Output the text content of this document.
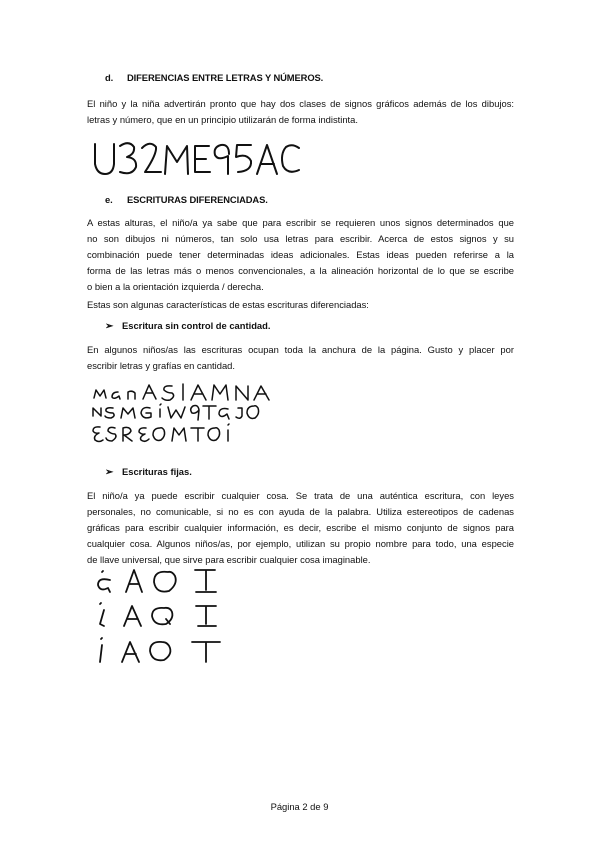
d. DIFERENCIAS ENTRE LETRAS Y NÚMEROS.
El niño y la niña advertirán pronto que hay dos clases de signos gráficos además de los dibujos:
letras y número, que en un principio utilizarán de forma indistinta.
e. ESCRITURAS DIFERENCIADAS.
A estas alturas, el niño/a ya sabe que para escribir se requieren unos signos determinados que
no son dibujos ni números, tan solo usa letras para escribir. Acerca de estos signos y su
combinación puede tener determinadas ideas adicionales. Estas ideas pueden referirse a la
forma de las letras más o menos convencionales, a la alineación horizontal de lo que se escribe
o bien a la orientación izquierda / derecha.
Estas son algunas características de estas escrituras diferenciadas:
➢ Escritura sin control de cantidad.
En algunos niños/as las escrituras ocupan toda la anchura de la página. Gusto y placer por
escribir letras y grafías en cantidad.
➢ Escrituras fijas.
El niño/a ya puede escribir cualquier cosa. Se trata de una auténtica escritura, con leyes
personales, no comunicable, si no es con ayuda de la palabra. Utiliza estereotipos de cadenas
gráficas para escribir cualquier información, es decir, escribe el mismo conjunto de signos para
cualquier cosa. Algunos niños/as, por ejemplo, utilizan su propio nombre para todo, una especie
de llave universal, que sirve para escribir cualquier cosa imaginable.
Página 2 de 9
